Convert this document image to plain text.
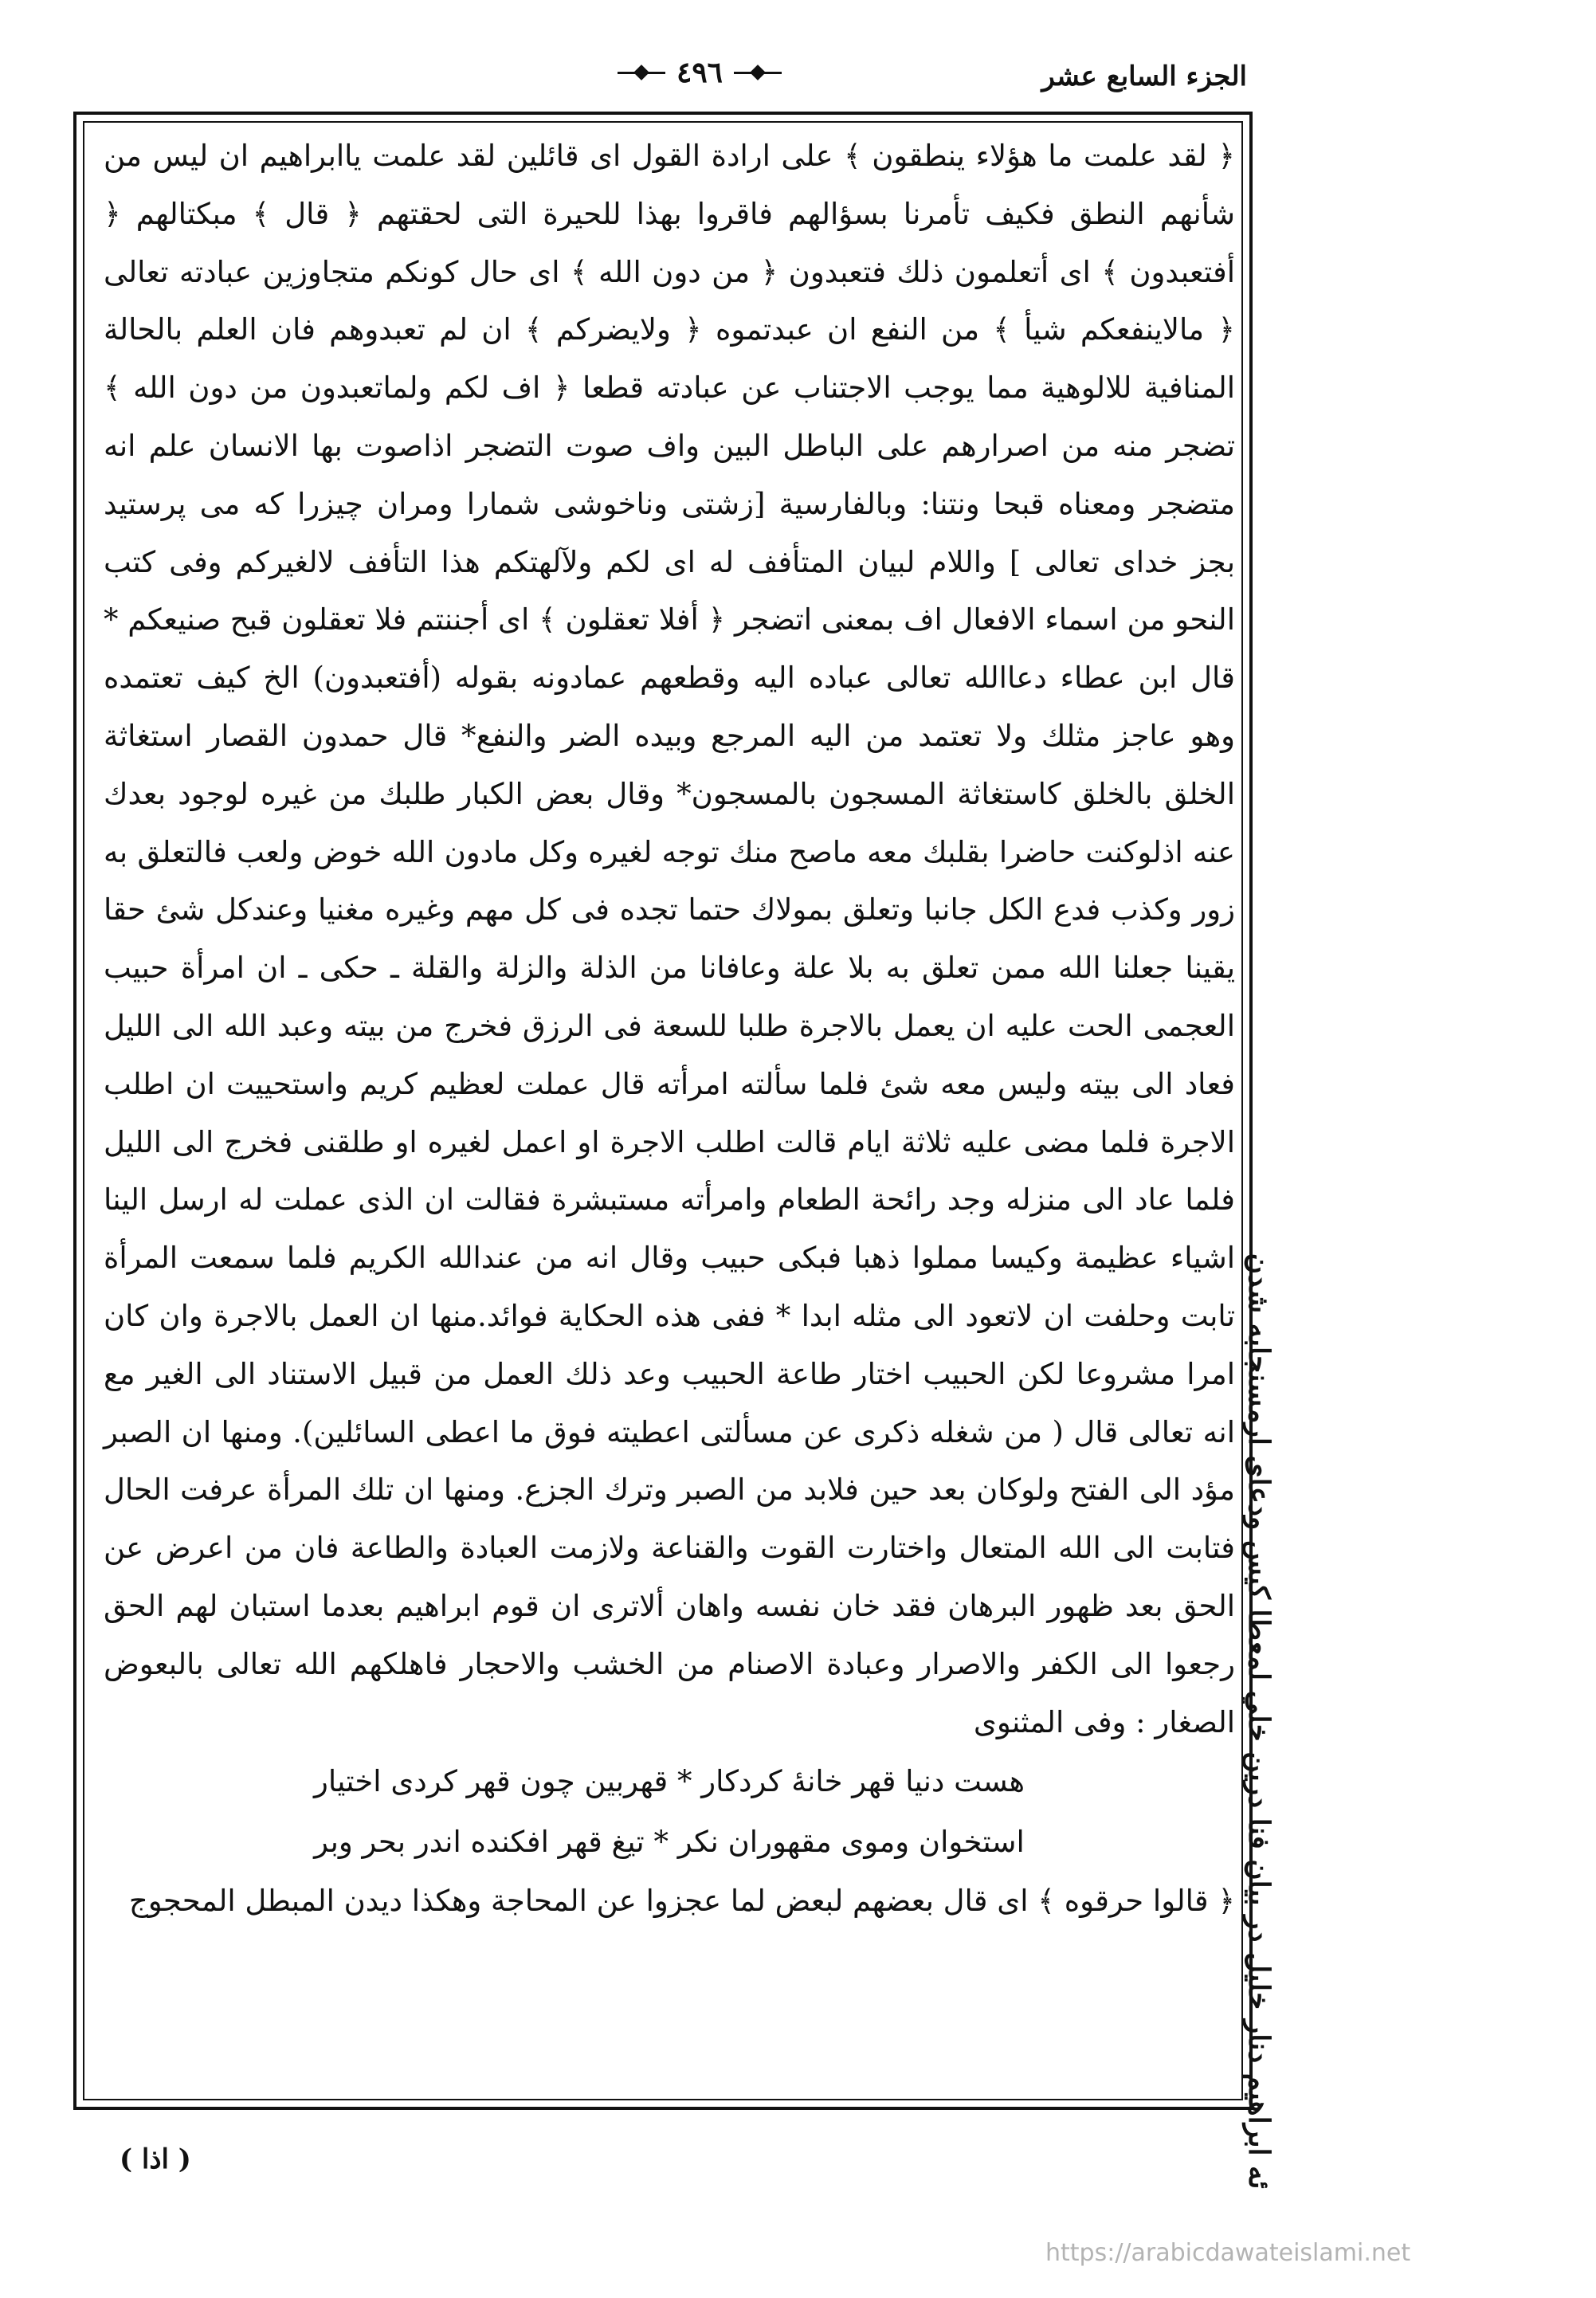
الجزء السابع عشر
٤٩٦

﴿ لقد علمت ما هؤلاء ينطقون ﴾ على ارادة القول اى قائلين لقد علمت ياابراهيم ان ليس من شأنهم النطق فكيف تأمرنا بسؤالهم فاقروا بهذا للحيرة التى لحقتهم ﴿ قال ﴾ مبكتالهم ﴿ أفتعبدون ﴾ اى أتعلمون ذلك فتعبدون ﴿ من دون الله ﴾ اى حال كونكم متجاوزين عبادته تعالى ﴿ مالاينفعكم شيأ ﴾ من النفع ان عبدتموه ﴿ ولايضركم ﴾ ان لم تعبدوهم فان العلم بالحالة المنافية للالوهية مما يوجب الاجتناب عن عبادته قطعا ﴿ اف لكم ولماتعبدون من دون الله ﴾ تضجر منه من اصرارهم على الباطل البين واف صوت التضجر اذاصوت بها الانسان علم انه متضجر ومعناه قبحا ونتنا: وبالفارسية [زشتى وناخوشى شمارا ومران چيزرا كه مى پرستيد بجز خداى تعالى ] واللام لبيان المتأفف له اى لكم ولآلهتكم هذا التأفف لالغيركم وفى كتب النحو من اسماء الافعال اف بمعنى اتضجر ﴿ أفلا تعقلون ﴾ اى أجننتم فلا تعقلون قبح صنيعكم * قال ابن عطاء دعاالله تعالى عباده اليه وقطعهم عمادونه بقوله (أفتعبدون) الخ كيف تعتمده وهو عاجز مثلك ولا تعتمد من اليه المرجع وبيده الضر والنفع* قال حمدون القصار استغاثة الخلق بالخلق كاستغاثة المسجون بالمسجون* وقال بعض الكبار طلبك من غيره لوجود بعدك عنه اذلوكنت حاضرا بقلبك معه ماصح منك توجه لغيره وكل مادون الله خوض ولعب فالتعلق به زور وكذب فدع الكل جانبا وتعلق بمولاك حتما تجده فى كل مهم وغيره مغنيا وعندكل شئ حقا يقينا جعلنا الله ممن تعلق به بلا علة وعافانا من الذلة والزلة والقلة ـ حكى ـ ان امرأة حبيب العجمى الحت عليه ان يعمل بالاجرة طلبا للسعة فى الرزق فخرج من بيته وعبد الله الى الليل فعاد الى بيته وليس معه شئ فلما سألته امرأته قال عملت لعظيم كريم واستحييت ان اطلب الاجرة فلما مضى عليه ثلاثة ايام قالت اطلب الاجرة او اعمل لغيره او طلقنى فخرج الى الليل فلما عاد الى منزله وجد رائحة الطعام وامرأته مستبشرة فقالت ان الذى عملت له ارسل الينا اشياء عظيمة وكيسا مملوا ذهبا فبكى حبيب وقال انه من عندالله الكريم فلما سمعت المرأة تابت وحلفت ان لاتعود الى مثله ابدا * ففى هذه الحكاية فوائد.منها ان العمل بالاجرة وان كان امرا مشروعا لكن الحبيب اختار طاعة الحبيب وعد ذلك العمل من قبيل الاستناد الى الغير مع انه تعالى قال ( من شغله ذكرى عن مسألتى اعطيته فوق ما اعطى السائلين). ومنها ان الصبر مؤد الى الفتح ولوكان بعد حين فلابد من الصبر وترك الجزع. ومنها ان تلك المرأة عرفت الحال فتابت الى الله المتعال واختارت القوت والقناعة ولازمت العبادة والطاعة فان من اعرض عن الحق بعد ظهور البرهان فقد خان نفسه واهان ألاترى ان قوم ابراهيم بعدما استبان لهم الحق رجعوا الى الكفر والاصرار وعبادة الاصنام من الخشب والاحجار فاهلكهم الله تعالى بالبعوض الصغار : وفى المثنوى

هست دنيا قهر خانۀ كردكار * قهربين چون قهر كردى اختيار
استخوان وموى مقهوران نكر * تيغ قهر افكنده اندر بحر وبر

﴿ قالوا حرقوه ﴾ اى قال بعضهم لبعض لما عجزوا عن المحاجة وهكذا ديدن المبطل المحجوج ئه ابراهيم دنار خليل در بيان فنا درين خلي لمعطا كيس ودعاى ارمسنجابه شدن
( اذا )
https://arabicdawateislami.net
